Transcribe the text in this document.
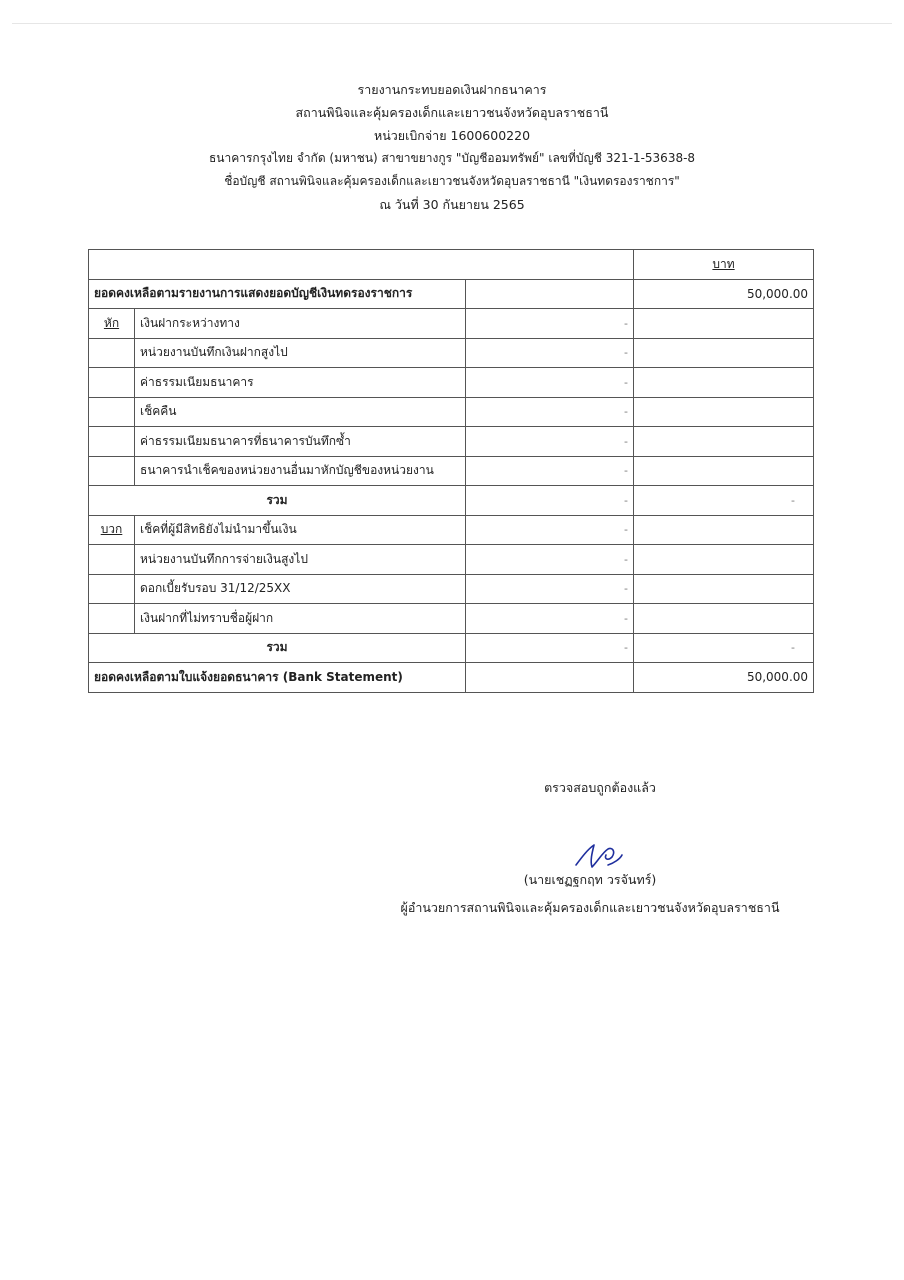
รายงานกระทบยอดเงินฝากธนาคาร
สถานพินิจและคุ้มครองเด็กและเยาวชนจังหวัดอุบลราชธานี
หน่วยเบิกจ่าย 1600600220
ธนาคารกรุงไทย จำกัด (มหาชน) สาขาขยางกูร "บัญชีออมทรัพย์" เลขที่บัญชี 321-1-53638-8
ชื่อบัญชี สถานพินิจและคุ้มครองเด็กและเยาวชนจังหวัดอุบลราชธานี "เงินทดรองราชการ"
ณ วันที่ 30 กันยายน 2565
			บาท
ยอดคงเหลือตามรายงานการแสดงยอดบัญชีเงินทดรองราชการ			50,000.00
หัก	เงินฝากระหว่างทาง	-	
	หน่วยงานบันทึกเงินฝากสูงไป	-	
	ค่าธรรมเนียมธนาคาร	-	
	เช็คคืน	-	
	ค่าธรรมเนียมธนาคารที่ธนาคารบันทึกซ้ำ	-	
	ธนาคารนำเช็คของหน่วยงานอื่นมาหักบัญชีของหน่วยงาน	-	
รวม		-	-
บวก	เช็คที่ผู้มีสิทธิยังไม่นำมาขึ้นเงิน	-	
	หน่วยงานบันทึกการจ่ายเงินสูงไป	-	
	ดอกเบี้ยรับรอบ 31/12/25XX	-	
	เงินฝากที่ไม่ทราบชื่อผู้ฝาก	-	
รวม		-	-
ยอดคงเหลือตามใบแจ้งยอดธนาคาร (Bank Statement)			50,000.00
ตรวจสอบถูกต้องแล้ว
(นายเชฏฐกฤท วรจันทร์)
ผู้อำนวยการสถานพินิจและคุ้มครองเด็กและเยาวชนจังหวัดอุบลราชธานี
